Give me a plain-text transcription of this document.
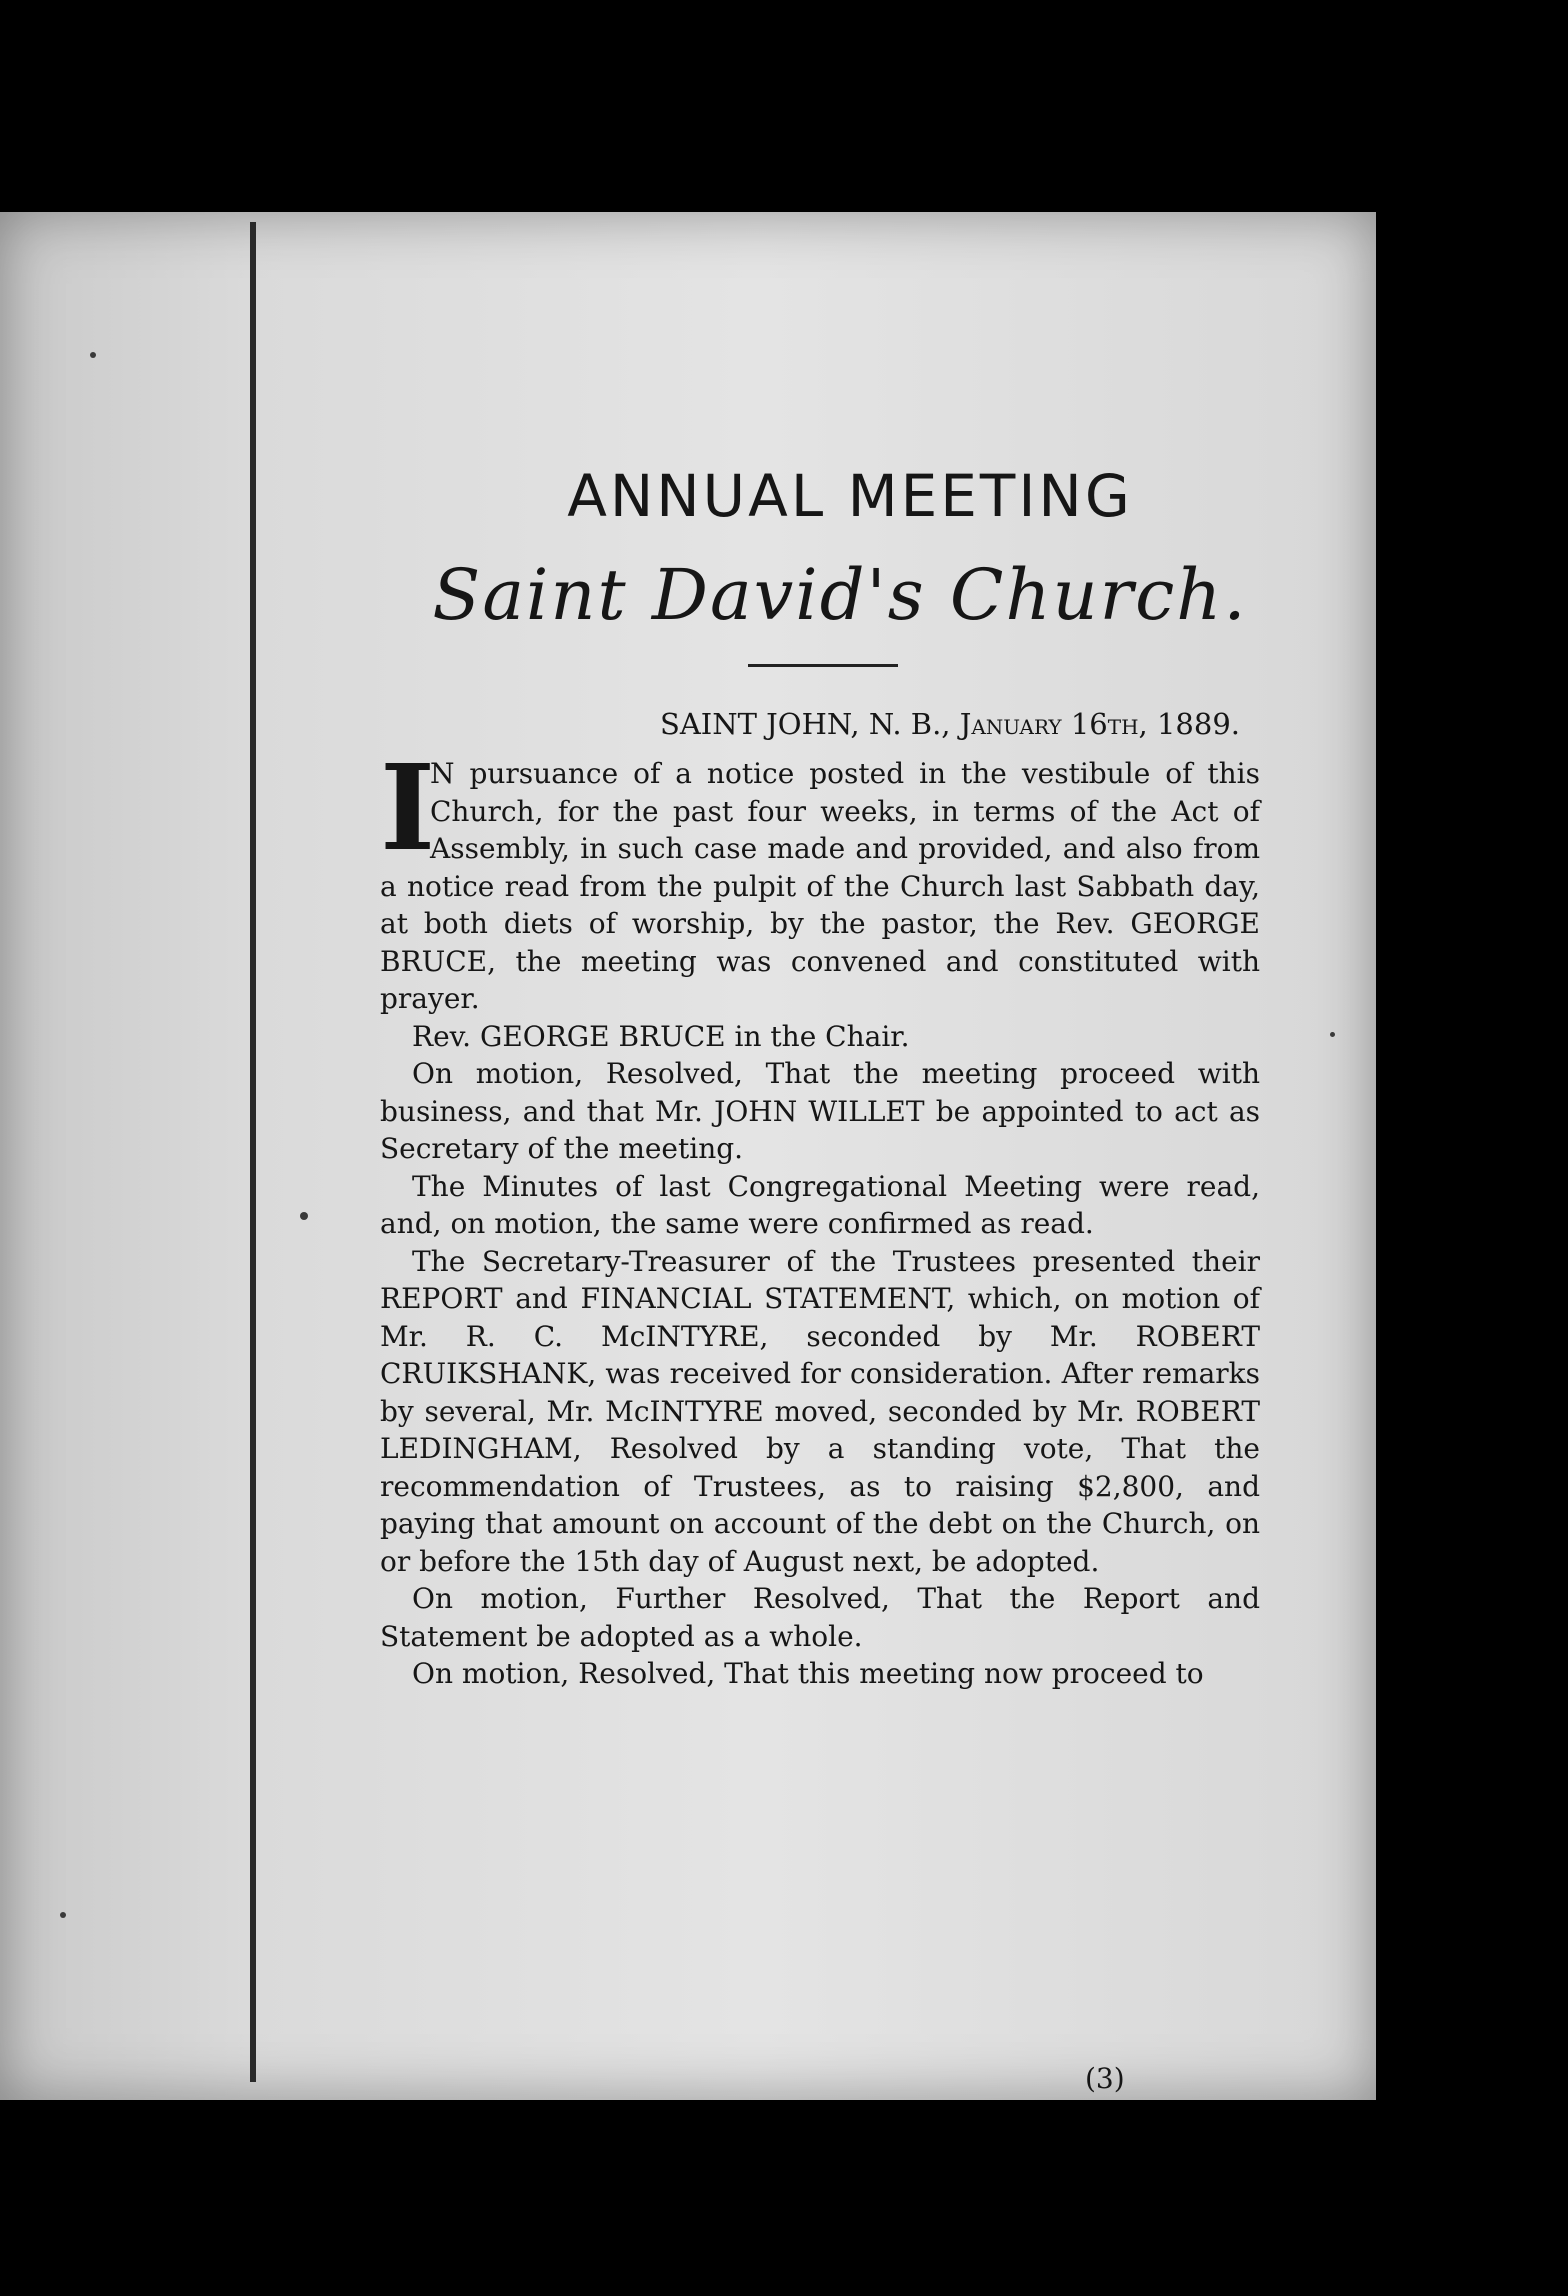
ANNUAL MEETING
Saint David's Church.
SAINT JOHN, N. B., January 16th, 1889.

I
N pursuance of a notice posted in the vestibule of this Church, for the past four weeks, in terms of the Act of Assembly, in such case made and provided, and also from a notice read from the pulpit of the Church last Sabbath day, at both diets of worship, by the pastor, the Rev. GEORGE BRUCE, the meeting was convened and constituted with prayer.

Rev. GEORGE BRUCE in the Chair.

On motion, Resolved, That the meeting proceed with business, and that Mr. JOHN WILLET be appointed to act as Secretary of the meeting.

The Minutes of last Congregational Meeting were read, and, on motion, the same were confirmed as read.

The Secretary-Treasurer of the Trustees presented their REPORT and FINANCIAL STATEMENT, which, on motion of Mr. R. C. McINTYRE, seconded by Mr. ROBERT CRUIKSHANK, was received for consideration. After remarks by several, Mr. McINTYRE moved, seconded by Mr. ROBERT LEDINGHAM, Resolved by a standing vote, That the recommendation of Trustees, as to raising $2,800, and paying that amount on account of the debt on the Church, on or before the 15th day of August next, be adopted.

On motion, Further Resolved, That the Report and Statement be adopted as a whole.

On motion, Resolved, That this meeting now proceed to

(3)
